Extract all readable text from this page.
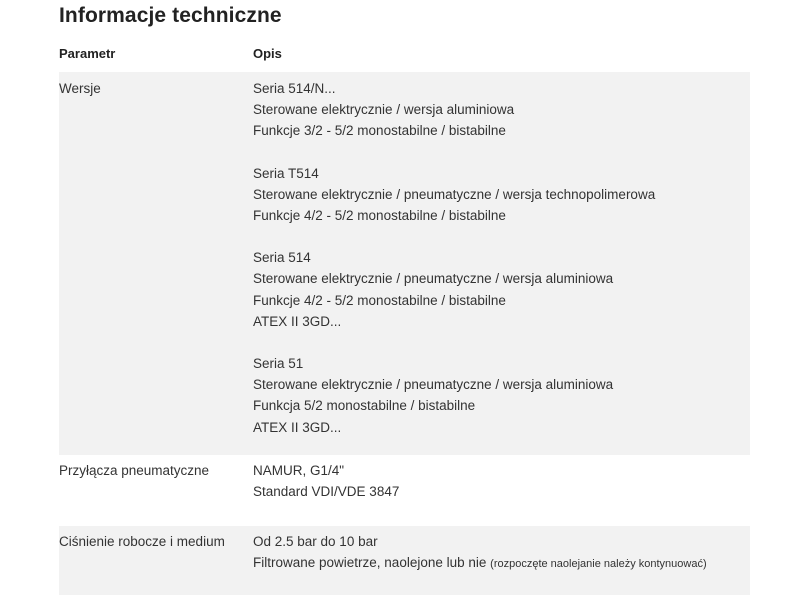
Informacje techniczne
Parametr	Opis
Wersje	Seria 514/N...
Sterowane elektrycznie / wersja aluminiowa
Funkcje 3/2 - 5/2 monostabilne / bistabilne
Seria T514
Sterowane elektrycznie / pneumatyczne / wersja technopolimerowa
Funkcje 4/2 - 5/2 monostabilne / bistabilne
Seria 514
Sterowane elektrycznie / pneumatyczne / wersja aluminiowa
Funkcje 4/2 - 5/2 monostabilne / bistabilne
ATEX II 3GD...
Seria 51
Sterowane elektrycznie / pneumatyczne / wersja aluminiowa
Funkcja 5/2 monostabilne / bistabilne
ATEX II 3GD...
Przyłącza pneumatyczne	NAMUR, G1/4"
Standard VDI/VDE 3847
Ciśnienie robocze i medium	Od 2.5 bar do 10 bar
Filtrowane powietrze, naolejone lub nie (rozpoczęte naolejanie należy kontynuować)
